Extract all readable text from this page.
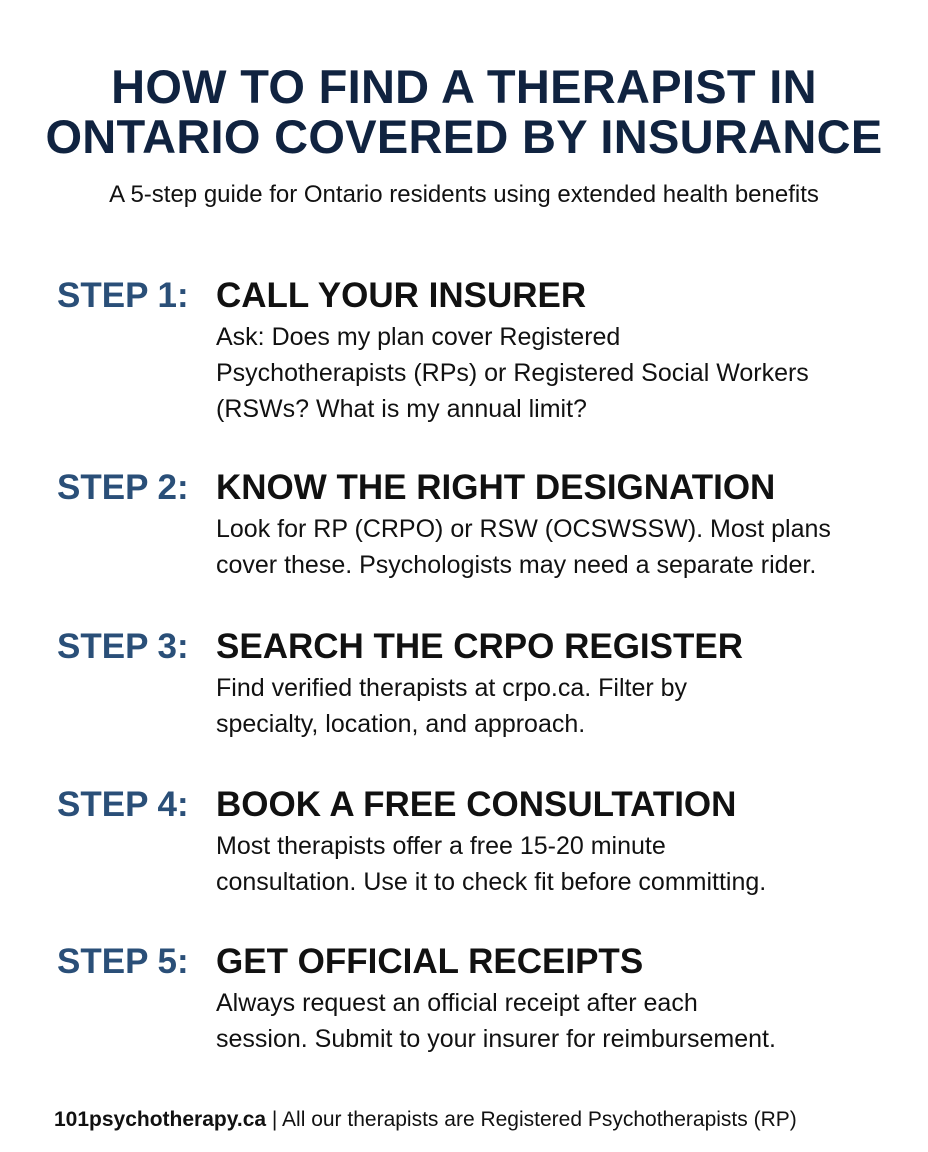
HOW TO FIND A THERAPIST IN
ONTARIO COVERED BY INSURANCE

A 5-step guide for Ontario residents using extended health benefits

STEP 1: CALL YOUR INSURER

Ask: Does my plan cover Registered
Psychotherapists (RPs) or Registered Social Workers
(RSWs? What is my annual limit?

STEP 2: KNOW THE RIGHT DESIGNATION

Look for RP (CRPO) or RSW (OCSWSSW). Most plans
cover these. Psychologists may need a separate rider.

STEP 3: SEARCH THE CRPO REGISTER

Find verified therapists at crpo.ca. Filter by
specialty, location, and approach.

STEP 4: BOOK A FREE CONSULTATION

Most therapists offer a free 15-20 minute
consultation. Use it to check fit before committing.

STEP 5: GET OFFICIAL RECEIPTS

Always request an official receipt after each
session. Submit to your insurer for reimbursement.

101psychotherapy.ca | All our therapists are Registered Psychotherapists (RP)
